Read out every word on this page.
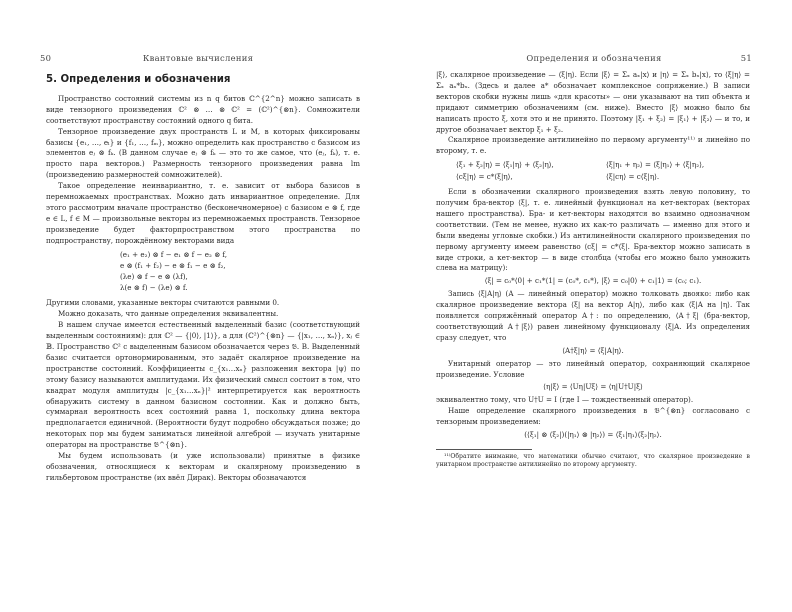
50	Квантовые вычисления
5. Определения и обозначения

Пространство состояний системы из n q битов ℂ^{2^n} можно записать в виде тензорного произведения ℂ² ⊗ … ⊗ ℂ² = (ℂ²)^{⊗n}. Сомножители соответствуют пространству состояний одного q бита.

Тензорное произведение двух пространств L и M, в которых фиксированы базисы {e₁, …, eₗ} и {f₁, …, fₘ}, можно определить как пространство с базисом из элементов eⱼ ⊗ fₖ. (В данном случае eⱼ ⊗ fₖ — это то же самое, что (eⱼ, fₖ), т. е. просто пара векторов.) Размерность тензорного произведения равна lm (произведению размерностей сомножителей).

Такое определение неинвариантно, т. е. зависит от выбора базисов в перемножаемых пространствах. Можно дать инвариантное определение. Для этого рассмотрим вначале пространство (бесконечномерное) с базисом e ⊗ f, где e ∈ L, f ∈ M — произвольные векторы из перемножаемых пространств. Тензорное произведение будет факторпространством этого пространства по подпространству, порождённому векторами вида

(e₁ + e₂) ⊗ f − e₁ ⊗ f − e₂ ⊗ f,
e ⊗ (f₁ + f₂) − e ⊗ f₁ − e ⊗ f₂,
(λe) ⊗ f − e ⊗ (λf),
λ(e ⊗ f) − (λe) ⊗ f.

Другими словами, указанные векторы считаются равными 0.

Можно доказать, что данные определения эквивалентны.

В нашем случае имеется естественный выделенный базис (соответствующий выделенным состояниям): для ℂ² — {|0⟩, |1⟩}, а для (ℂ²)^{⊗n} — {|x₁, …, xₙ⟩}, xⱼ ∈ 𝔹. Пространство ℂ² с выделенным базисом обозначается через 𝔅. В. Выделенный базис считается ортонормированным, это задаёт скалярное произведение на пространстве состояний. Коэффициенты c_{x₁…xₙ} разложения вектора |ψ⟩ по этому базису называются амплитудами. Их физический смысл состоит в том, что квадрат модуля амплитуды |c_{x₁…xₙ}|² интерпретируется как вероятность обнаружить систему в данном базисном состоянии. Как и должно быть, суммарная вероятность всех состояний равна 1, поскольку длина вектора предполагается единичной. (Вероятности будут подробно обсуждаться позже; до некоторых пор мы будем заниматься линейной алгеброй — изучать унитарные операторы на пространстве 𝔅^{⊗n}.

Мы будем использовать (и уже использовали) принятые в физике обозначения, относящиеся к векторам и скалярному произведению в гильбертовом пространстве (их ввёл Дирак). Векторы обозначаются

Определения и обозначения	51

|ξ⟩, скалярное произведение — ⟨ξ|η⟩. Если |ξ⟩ = Σₓ aₓ|x⟩ и |η⟩ = Σₓ bₓ|x⟩, то ⟨ξ|η⟩ = Σₓ aₓ*bₓ. (Здесь и далее a* обозначает комплексное сопряжение.) В записи векторов скобки нужны лишь «для красоты» — они указывают на тип объекта и придают симметрию обозначениям (см. ниже). Вместо |ξ⟩ можно было бы написать просто ξ, хотя это и не принято. Поэтому |ξ₁ + ξ₂⟩ = |ξ₁⟩ + |ξ₂⟩ — и то, и другое обозначает вектор ξ₁ + ξ₂.

Скалярное произведение антилинейно по первому аргументу¹¹⁾ и линейно по второму, т. е.

⟨ξ₁ + ξ₂|η⟩ = ⟨ξ₁|η⟩ + ⟨ξ₂|η⟩,	⟨ξ|η₁ + η₂⟩ = ⟨ξ|η₁⟩ + ⟨ξ|η₂⟩,
⟨cξ|η⟩ = c*⟨ξ|η⟩,	⟨ξ|cη⟩ = c⟨ξ|η⟩.

Если в обозначении скалярного произведения взять левую половину, то получим бра-вектор ⟨ξ|, т. е. линейный функционал на кет-векторах (векторах нашего пространства). Бра- и кет-векторы находятся во взаимно однозначном соответствии. (Тем не менее, нужно их как-то различать — именно для этого и были введены угловые скобки.) Из антилинейности скалярного произведения по первому аргументу имеем равенство ⟨cξ| = c*⟨ξ|. Бра-вектор можно записать в виде строки, а кет-вектор — в виде столбца (чтобы его можно было умножить слева на матрицу):

⟨ξ| = c₀*⟨0| + c₁*⟨1| = (c₀*, c₁*), |ξ⟩ = c₀|0⟩ + c₁|1⟩ = (c₀; c₁).

Запись ⟨ξ|A|η⟩ (A — линейный оператор) можно толковать двояко: либо как скалярное произведение вектора ⟨ξ| на вектор A|η⟩, либо как ⟨ξ|A на |η⟩. Так появляется сопряжённый оператор A†: по определению, ⟨A†ξ| (бра-вектор, соответствующий A†|ξ⟩) равен линейному функционалу ⟨ξ|A. Из определения сразу следует, что

⟨A†ξ|η⟩ = ⟨ξ|A|η⟩.

Унитарный оператор — это линейный оператор, сохраняющий скалярное произведение. Условие

⟨η|ξ⟩ = ⟨Uη|Uξ⟩ = ⟨η|U†U|ξ⟩

эквивалентно тому, что U†U = I (где I — тождественный оператор).

Наше определение скалярного произведения в 𝔅^{⊗n} согласовано с тензорным произведением:

(⟨ξ₁| ⊗ ⟨ξ₂|)(|η₁⟩ ⊗ |η₂⟩) = ⟨ξ₁|η₁⟩⟨ξ₂|η₂⟩.
¹¹⁾Обратите внимание, что математики обычно считают, что скалярное произведение в унитарном пространстве антилинейно по второму аргументу.
